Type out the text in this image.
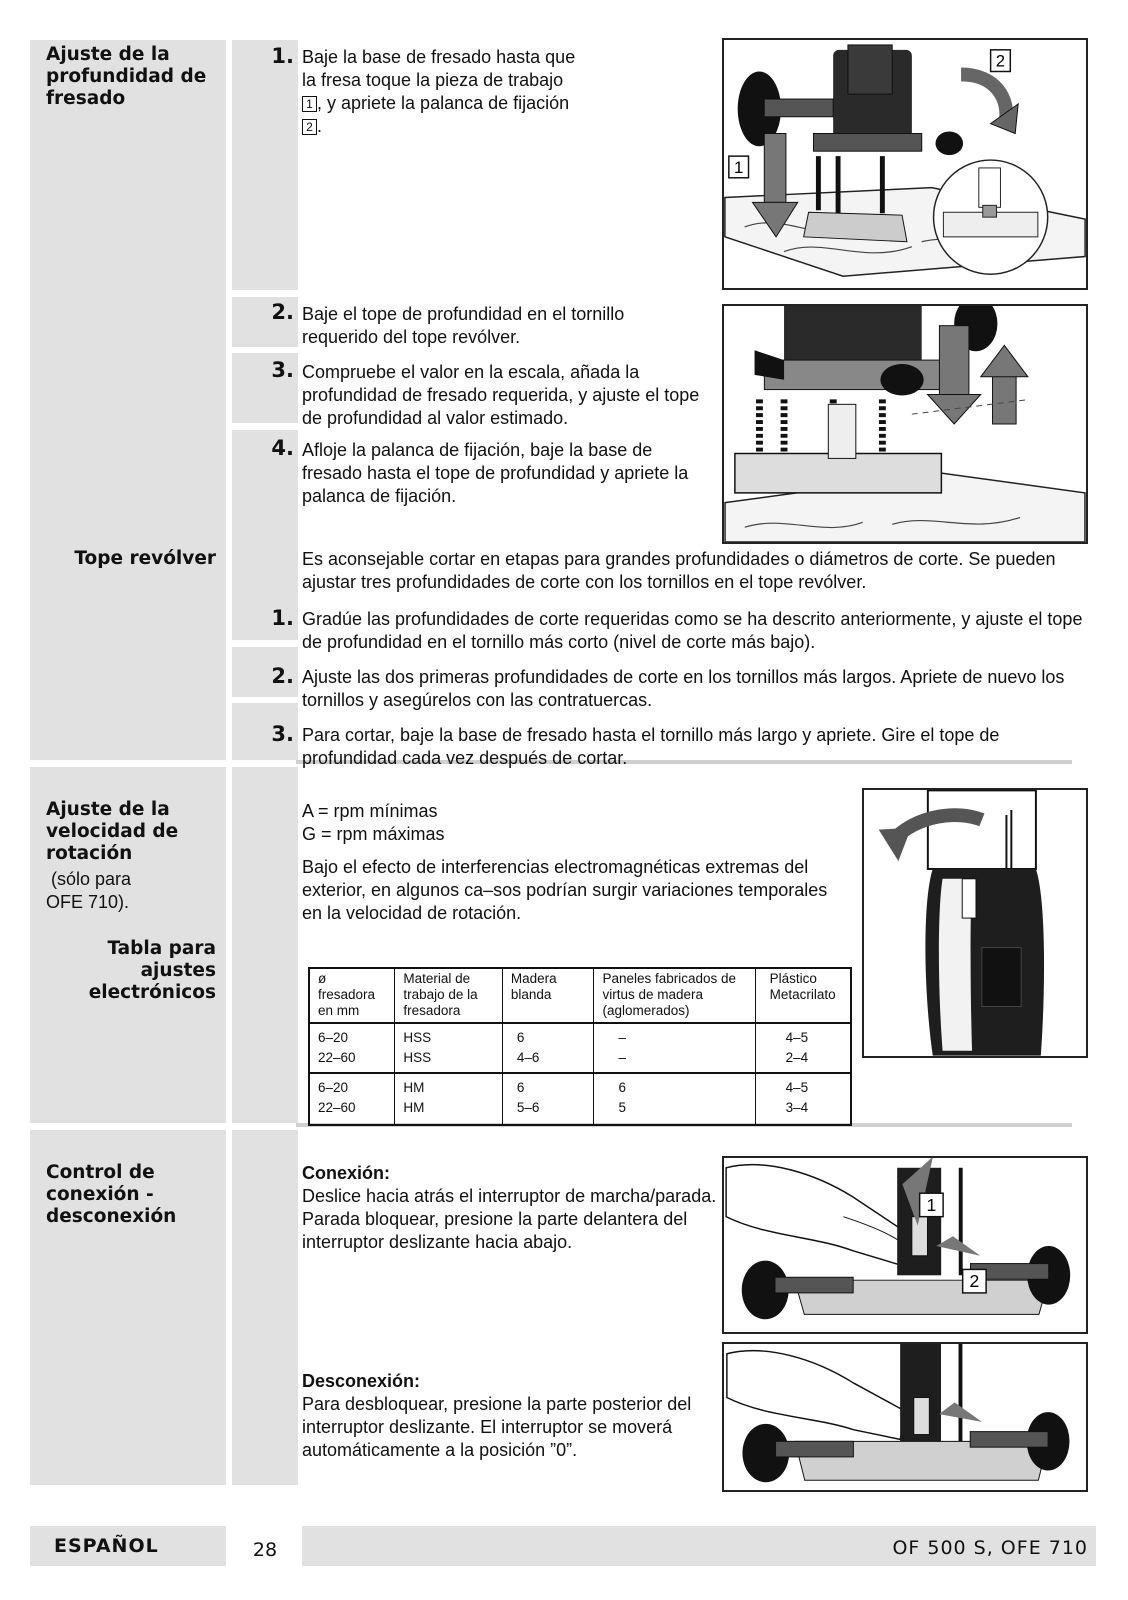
Ajuste de la profundidad de fresado
1. Baje la base de fresado hasta que
la fresa toque la pieza de trabajo
1 , y apriete la palanca de fijación
2 .
1
2
2. Baje el tope de profundidad en el tornillo requerido del tope revólver.
3. Compruebe el valor en la escala, añada la profundidad de fresado requerida, y ajuste el tope de profundidad al valor estimado.
4. Afloje la palanca de fijación, baje la base de fresado hasta el tope de profundidad y apriete la palanca de fijación.
Tope revólver	Es aconsejable cortar en etapas para grandes profundidades o diámetros de corte. Se pueden ajustar tres profundidades de corte con los tornillos en el tope revólver.
1. Gradúe las profundidades de corte requeridas como se ha descrito anteriormente, y ajuste el tope de profundidad en el tornillo más corto (nivel de corte más bajo).
2. Ajuste las dos primeras profundidades de corte en los tornillos más largos. Apriete de nuevo los tornillos y asegúrelos con las contratuercas.
3. Para cortar, baje la base de fresado hasta el tornillo más largo y apriete. Gire el tope de profundidad cada vez después de cortar.
Ajuste de la velocidad de rotación
(sólo para
OFE 710).
Tabla para ajustes electrónicos
A = rpm mínimas
G = rpm máximas
Bajo el efecto de interferencias electromagnéticas extremas del exterior, en algunos ca–sos podrían surgir variaciones temporales en la velocidad de rotación.
ø fresadora en mm	Material de trabajo de la fresadora	Madera blanda	Paneles fabricados de virtus de madera (aglomerados)	Plástico Metacrilato
6–20	HSS	6	–	4–5
22–60	HSS	4–6	–	2–4
6–20	HM	6	6	4–5
22–60	HM	5–6	5	3–4
Control de conexión - desconexión
Conexión:
Deslice hacia atrás el interruptor de marcha/parada. Parada bloquear, presione la parte delantera del interruptor deslizante hacia abajo.
Desconexión:
Para desbloquear, presione la parte posterior del interruptor deslizante. El interruptor se moverá automáticamente a la posición ”0”.
1
2
ESPAÑOL	28	OF 500 S, OFE 710
